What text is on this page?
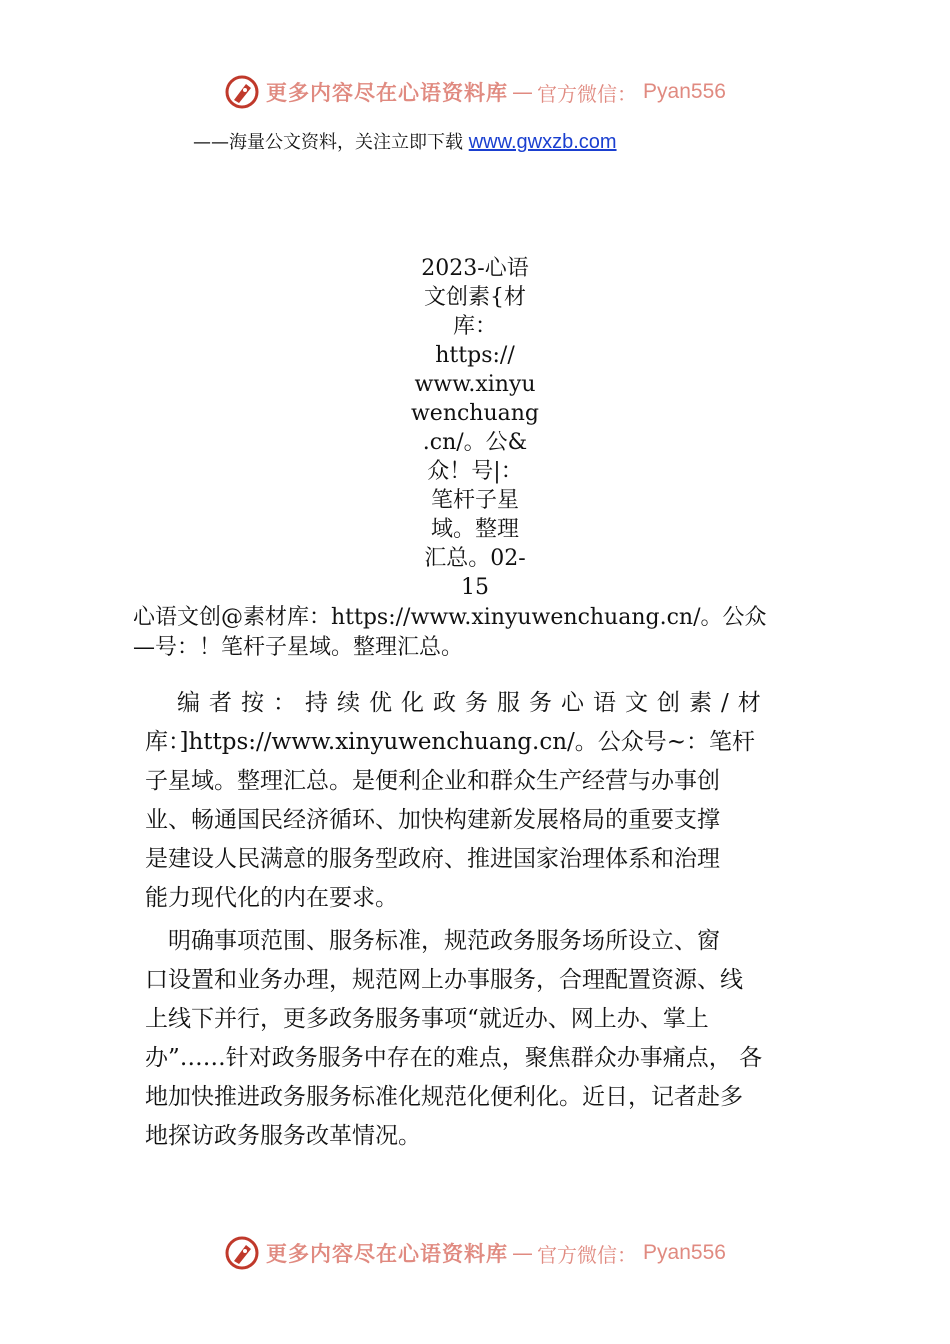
更多内容尽在心语资料库 — 官方微信： Pyan556
——海量公文资料，关注立即下载 www.gwxzb.com
2023-心语
文创素{材
库：
https://
www.xinyu
wenchuang
.cn/。公&
众！号|：
笔杆子星
域。整理
汇总。02-
15
心语文创@素材库：https://www.xinyuwenchuang.cn/。公众
—号：！笔杆子星域。整理汇总。
　编者按：持续优化政务服务心语文创素/材
库：]https://www.xinyuwenchuang.cn/。公众号~：笔杆
子星域。整理汇总。是便利企业和群众生产经营与办事创
业、畅通国民经济循环、加快构建新发展格局的重要支撑
是建设人民满意的服务型政府、推进国家治理体系和治理
能力现代化的内在要求。
　明确事项范围、服务标准，规范政务服务场所设立、窗
口设置和业务办理，规范网上办事服务，合理配置资源、线
上线下并行，更多政务服务事项“就近办、网上办、掌上
办”……针对政务服务中存在的难点，聚焦群众办事痛点， 各
地加快推进政务服务标准化规范化便利化。近日，记者赴多
地探访政务服务改革情况。
更多内容尽在心语资料库 — 官方微信： Pyan556
